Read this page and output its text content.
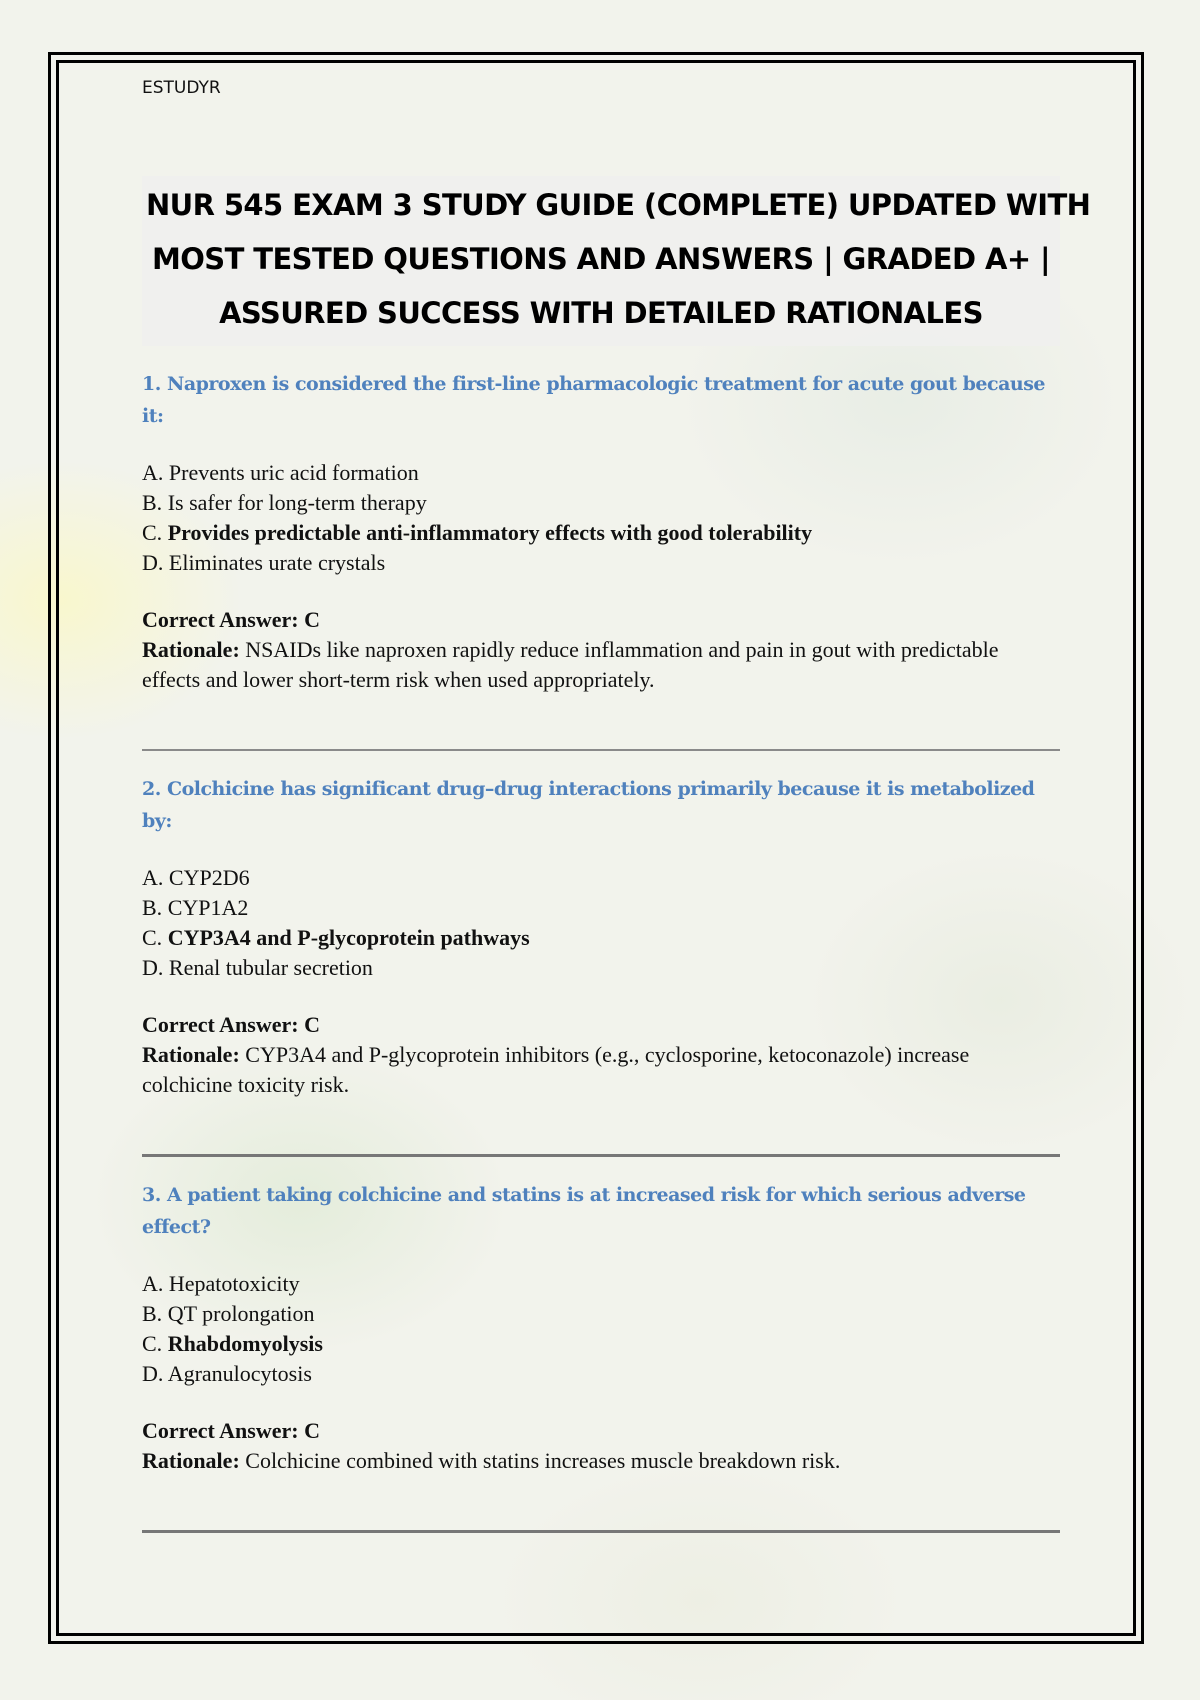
ESTUDYR
NUR 545 EXAM 3 STUDY GUIDE (COMPLETE) UPDATED WITH
MOST TESTED QUESTIONS AND ANSWERS | GRADED A+ |
ASSURED SUCCESS WITH DETAILED RATIONALES
1. Naproxen is considered the first-line pharmacologic treatment for acute gout because it:
A. Prevents uric acid formation
B. Is safer for long-term therapy
C. Provides predictable anti-inflammatory effects with good tolerability
D. Eliminates urate crystals
Correct Answer: C
Rationale: NSAIDs like naproxen rapidly reduce inflammation and pain in gout with predictable effects and lower short-term risk when used appropriately.
2. Colchicine has significant drug–drug interactions primarily because it is metabolized by:
A. CYP2D6
B. CYP1A2
C. CYP3A4 and P-glycoprotein pathways
D. Renal tubular secretion
Correct Answer: C
Rationale: CYP3A4 and P-glycoprotein inhibitors (e.g., cyclosporine, ketoconazole) increase colchicine toxicity risk.
3. A patient taking colchicine and statins is at increased risk for which serious adverse effect?
A. Hepatotoxicity
B. QT prolongation
C. Rhabdomyolysis
D. Agranulocytosis
Correct Answer: C
Rationale: Colchicine combined with statins increases muscle breakdown risk.
